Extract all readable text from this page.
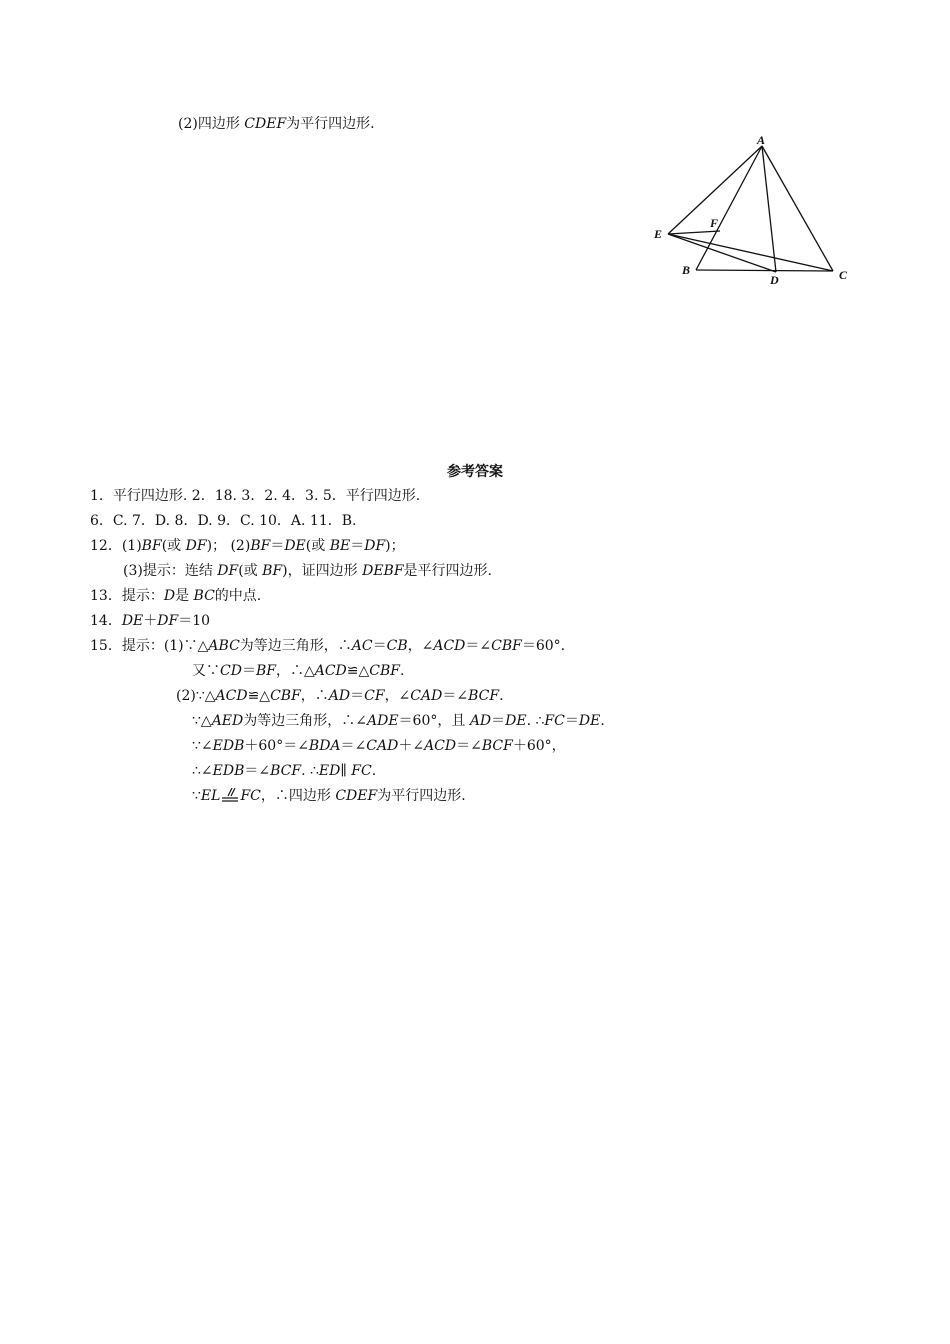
(2)四边形 CDEF为平行四边形.
A
B	C
D
E
F
参考答案
1．平行四边形. 2．18. 3．2. 4．3. 5．平行四边形.
6．C. 7．D. 8．D. 9．C. 10．A. 11．B.
12．(1)BF(或 DF)； (2)BF＝DE(或 BE＝DF)；
(3)提示：连结 DF(或 BF)，证四边形 DEBF是平行四边形.
13．提示：D是 BC的中点.
14．DE＋DF＝10
15．提示：(1)∵△ABC为等边三角形，∴AC＝CB，∠ACD＝∠CBF＝60°.
又∵CD＝BF，∴△ACD≌△CBF.
(2)∵△ACD≌△CBF，∴AD＝CF，∠CAD＝∠BCF.
∵△AED为等边三角形，∴∠ADE＝60°，且 AD＝DE. ∴FC＝DE.
∵∠EDB＋60°＝∠BDA＝∠CAD＋∠ACD＝∠BCF＋60°，
∴∠EDB＝∠BCF. ∴ED∥ FC.
∵EL FC，∴四边形 CDEF为平行四边形.
